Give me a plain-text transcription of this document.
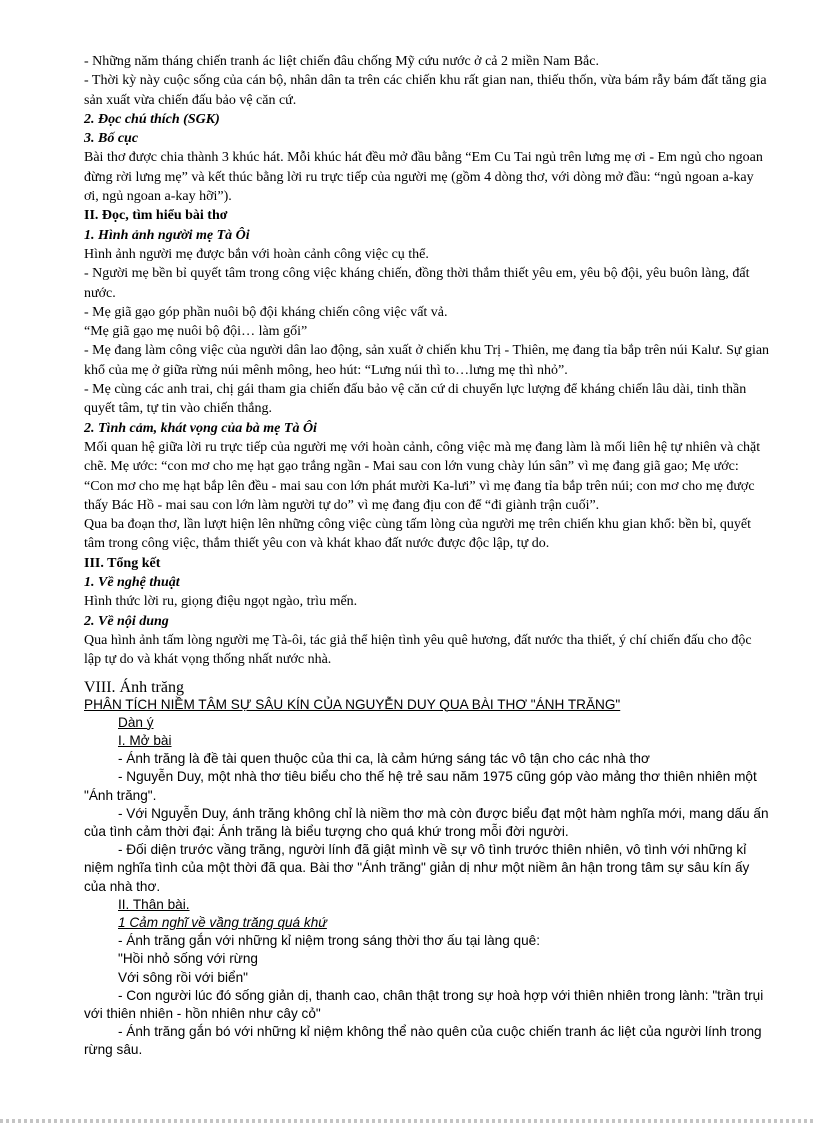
- Những năm tháng chiến tranh ác liệt chiến đâu chống Mỹ cứu nước ở cả 2 miền Nam Bắc.

- Thời kỳ này cuộc sống của cán bộ, nhân dân ta trên các chiến khu rất gian nan, thiếu thốn, vừa bám rẫy bám đất tăng gia sản xuất vừa chiến đấu bảo vệ căn cứ.

2. Đọc chú thích (SGK)

3. Bố cục

Bài thơ được chia thành 3 khúc hát. Mỗi khúc hát đều mở đầu bằng “Em Cu Tai ngủ trên lưng mẹ ơi - Em ngủ cho ngoan đừng rời lưng mẹ” và kết thúc bằng lời ru trực tiếp của người mẹ (gồm 4 dòng thơ, với dòng mở đầu: “ngủ ngoan a-kay ơi, ngủ ngoan a-kay hỡi”).

II. Đọc, tìm hiểu bài thơ

1. Hình ảnh người mẹ Tà Ôi

Hình ảnh người mẹ được bắn với hoàn cảnh công việc cụ thể.

- Người mẹ bền bỉ quyết tâm trong công việc kháng chiến, đồng thời thắm thiết yêu em, yêu bộ đội, yêu buôn làng, đất nước.

- Mẹ giã gạo góp phần nuôi bộ đội kháng chiến công việc vất vả.

“Mẹ giã gạo mẹ nuôi bộ đội… làm gối”

- Mẹ đang làm công việc của người dân lao động, sản xuất ở chiến khu Trị - Thiên, mẹ đang tỉa bắp trên núi Kalư. Sự gian khổ của mẹ ở giữa rừng núi mênh mông, heo hút: “Lưng núi thì to…lưng mẹ thì nhỏ”.

- Mẹ cùng các anh trai, chị gái tham gia chiến đấu bảo vệ căn cứ di chuyển lực lượng để kháng chiến lâu dài, tinh thần quyết tâm, tự tin vào chiến thắng.

2. Tình cảm, khát vọng của bà mẹ Tà Ôi

Mối quan hệ giữa lời ru trực tiếp của người mẹ với hoàn cảnh, công việc mà mẹ đang làm là mối liên hệ tự nhiên và chặt chẽ. Mẹ ước: “con mơ cho mẹ hạt gạo trắng ngần - Mai sau con lớn vung chày lún sân” vì mẹ đang giã gao; Mẹ ước: “Con mơ cho mẹ hạt bắp lên đều - mai sau con lớn phát mười Ka-lưi” vì mẹ đang tỉa bắp trên núi; con mơ cho mẹ được thấy Bác Hồ - mai sau con lớn làm người tự do” vì mẹ đang địu con để “đi giành trận cuối”.

Qua ba đoạn thơ, lần lượt hiện lên những công việc cùng tấm lòng của người mẹ trên chiến khu gian khổ: bền bỉ, quyết tâm trong công việc, thắm thiết yêu con và khát khao đất nước được độc lập, tự do.

III. Tổng kết

1. Về nghệ thuật

Hình thức lời ru, giọng điệu ngọt ngào, trìu mến.

2. Về nội dung

Qua hình ảnh tấm lòng người mẹ Tà-ôi, tác giả thể hiện tình yêu quê hương, đất nước tha thiết, ý chí chiến đấu cho độc lập tự do và khát vọng thống nhất nước nhà.

VIII. Ánh trăng

PHÂN TÍCH NIỀM TÂM SỰ SÂU KÍN CỦA NGUYỄN DUY QUA BÀI THƠ "ÁNH TRĂNG"

Dàn ý

I. Mở bài

- Ánh trăng là đề tài quen thuộc của thi ca, là cảm hứng sáng tác vô tận cho các nhà thơ

- Nguyễn Duy, một nhà thơ tiêu biểu cho thế hệ trẻ sau năm 1975 cũng góp vào mảng thơ thiên nhiên một "Ánh trăng".

- Với Nguyễn Duy, ánh trăng không chỉ là niềm thơ mà còn được biểu đạt một hàm nghĩa mới, mang dấu ấn của tình cảm thời đại: Ánh trăng là biểu tượng cho quá khứ trong mỗi đời người.

- Đối diện trước vầng trăng, người lính đã giật mình về sự vô tình trước thiên nhiên, vô tình với những kỉ niệm nghĩa tình của một thời đã qua. Bài thơ "Ánh trăng" giản dị như một niềm ân hận trong tâm sự sâu kín ấy của nhà thơ.

II. Thân bài.

1 Cảm nghĩ về vầng trăng quá khứ

- Ánh trăng gắn với những kỉ niệm trong sáng thời thơ ấu tại làng quê:

"Hồi nhỏ sống với rừng

Với sông rồi với biển"

- Con người lúc đó sống giản dị, thanh cao, chân thật trong sự hoà hợp với thiên nhiên trong lành: "trần trụi với thiên nhiên - hồn nhiên như cây cỏ"

- Ánh trăng gắn bó với những kỉ niệm không thể nào quên của cuộc chiến tranh ác liệt của người lính trong rừng sâu.
